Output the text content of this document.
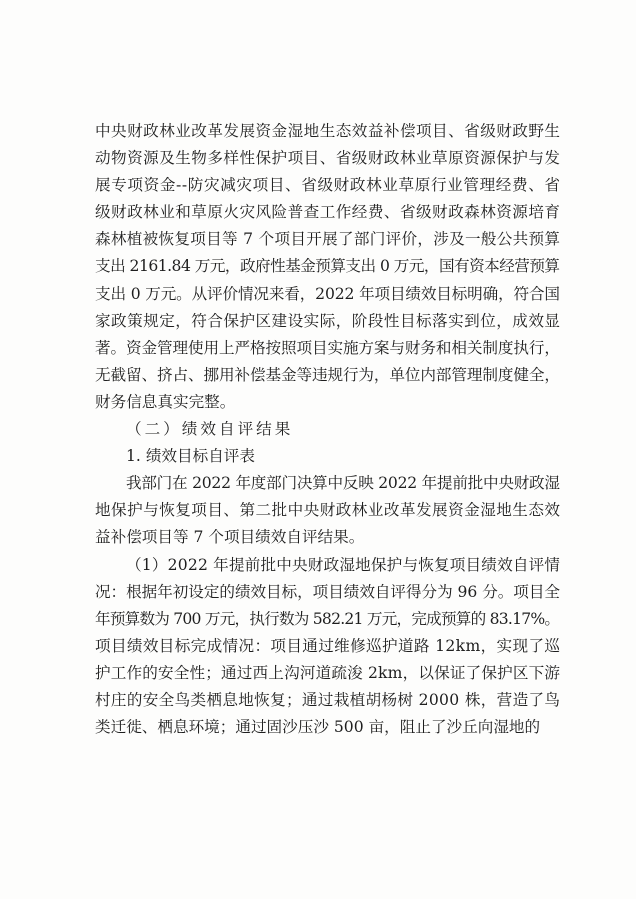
中央财政林业改革发展资金湿地生态效益补偿项目、省级财政野生
动物资源及生物多样性保护项目、省级财政林业草原资源保护与发
展专项资金--防灾减灾项目、省级财政林业草原行业管理经费、省
级财政林业和草原火灾风险普查工作经费、省级财政森林资源培育
森林植被恢复项目等 7 个项目开展了部门评价，涉及一般公共预算
支出 2161.84 万元，政府性基金预算支出 0 万元，国有资本经营预算
支出 0 万元。从评价情况来看，2022 年项目绩效目标明确，符合国
家政策规定，符合保护区建设实际，阶段性目标落实到位，成效显
著。资金管理使用上严格按照项目实施方案与财务和相关制度执行，
无截留、挤占、挪用补偿基金等违规行为，单位内部管理制度健全，
财务信息真实完整。
（二）绩效自评结果
1. 绩效目标自评表
我部门在 2022 年度部门决算中反映 2022 年提前批中央财政湿
地保护与恢复项目、第二批中央财政林业改革发展资金湿地生态效
益补偿项目等 7 个项目绩效自评结果。
（1）2022 年提前批中央财政湿地保护与恢复项目绩效自评情
况：根据年初设定的绩效目标，项目绩效自评得分为 96 分。项目全
年预算数为 700 万元，执行数为 582.21 万元，完成预算的 83.17%。
项目绩效目标完成情况：项目通过维修巡护道路 12km，实现了巡
护工作的安全性；通过西上沟河道疏浚 2km，以保证了保护区下游
村庄的安全鸟类栖息地恢复；通过栽植胡杨树 2000 株，营造了鸟
类迁徙、栖息环境；通过固沙压沙 500 亩，阻止了沙丘向湿地的
